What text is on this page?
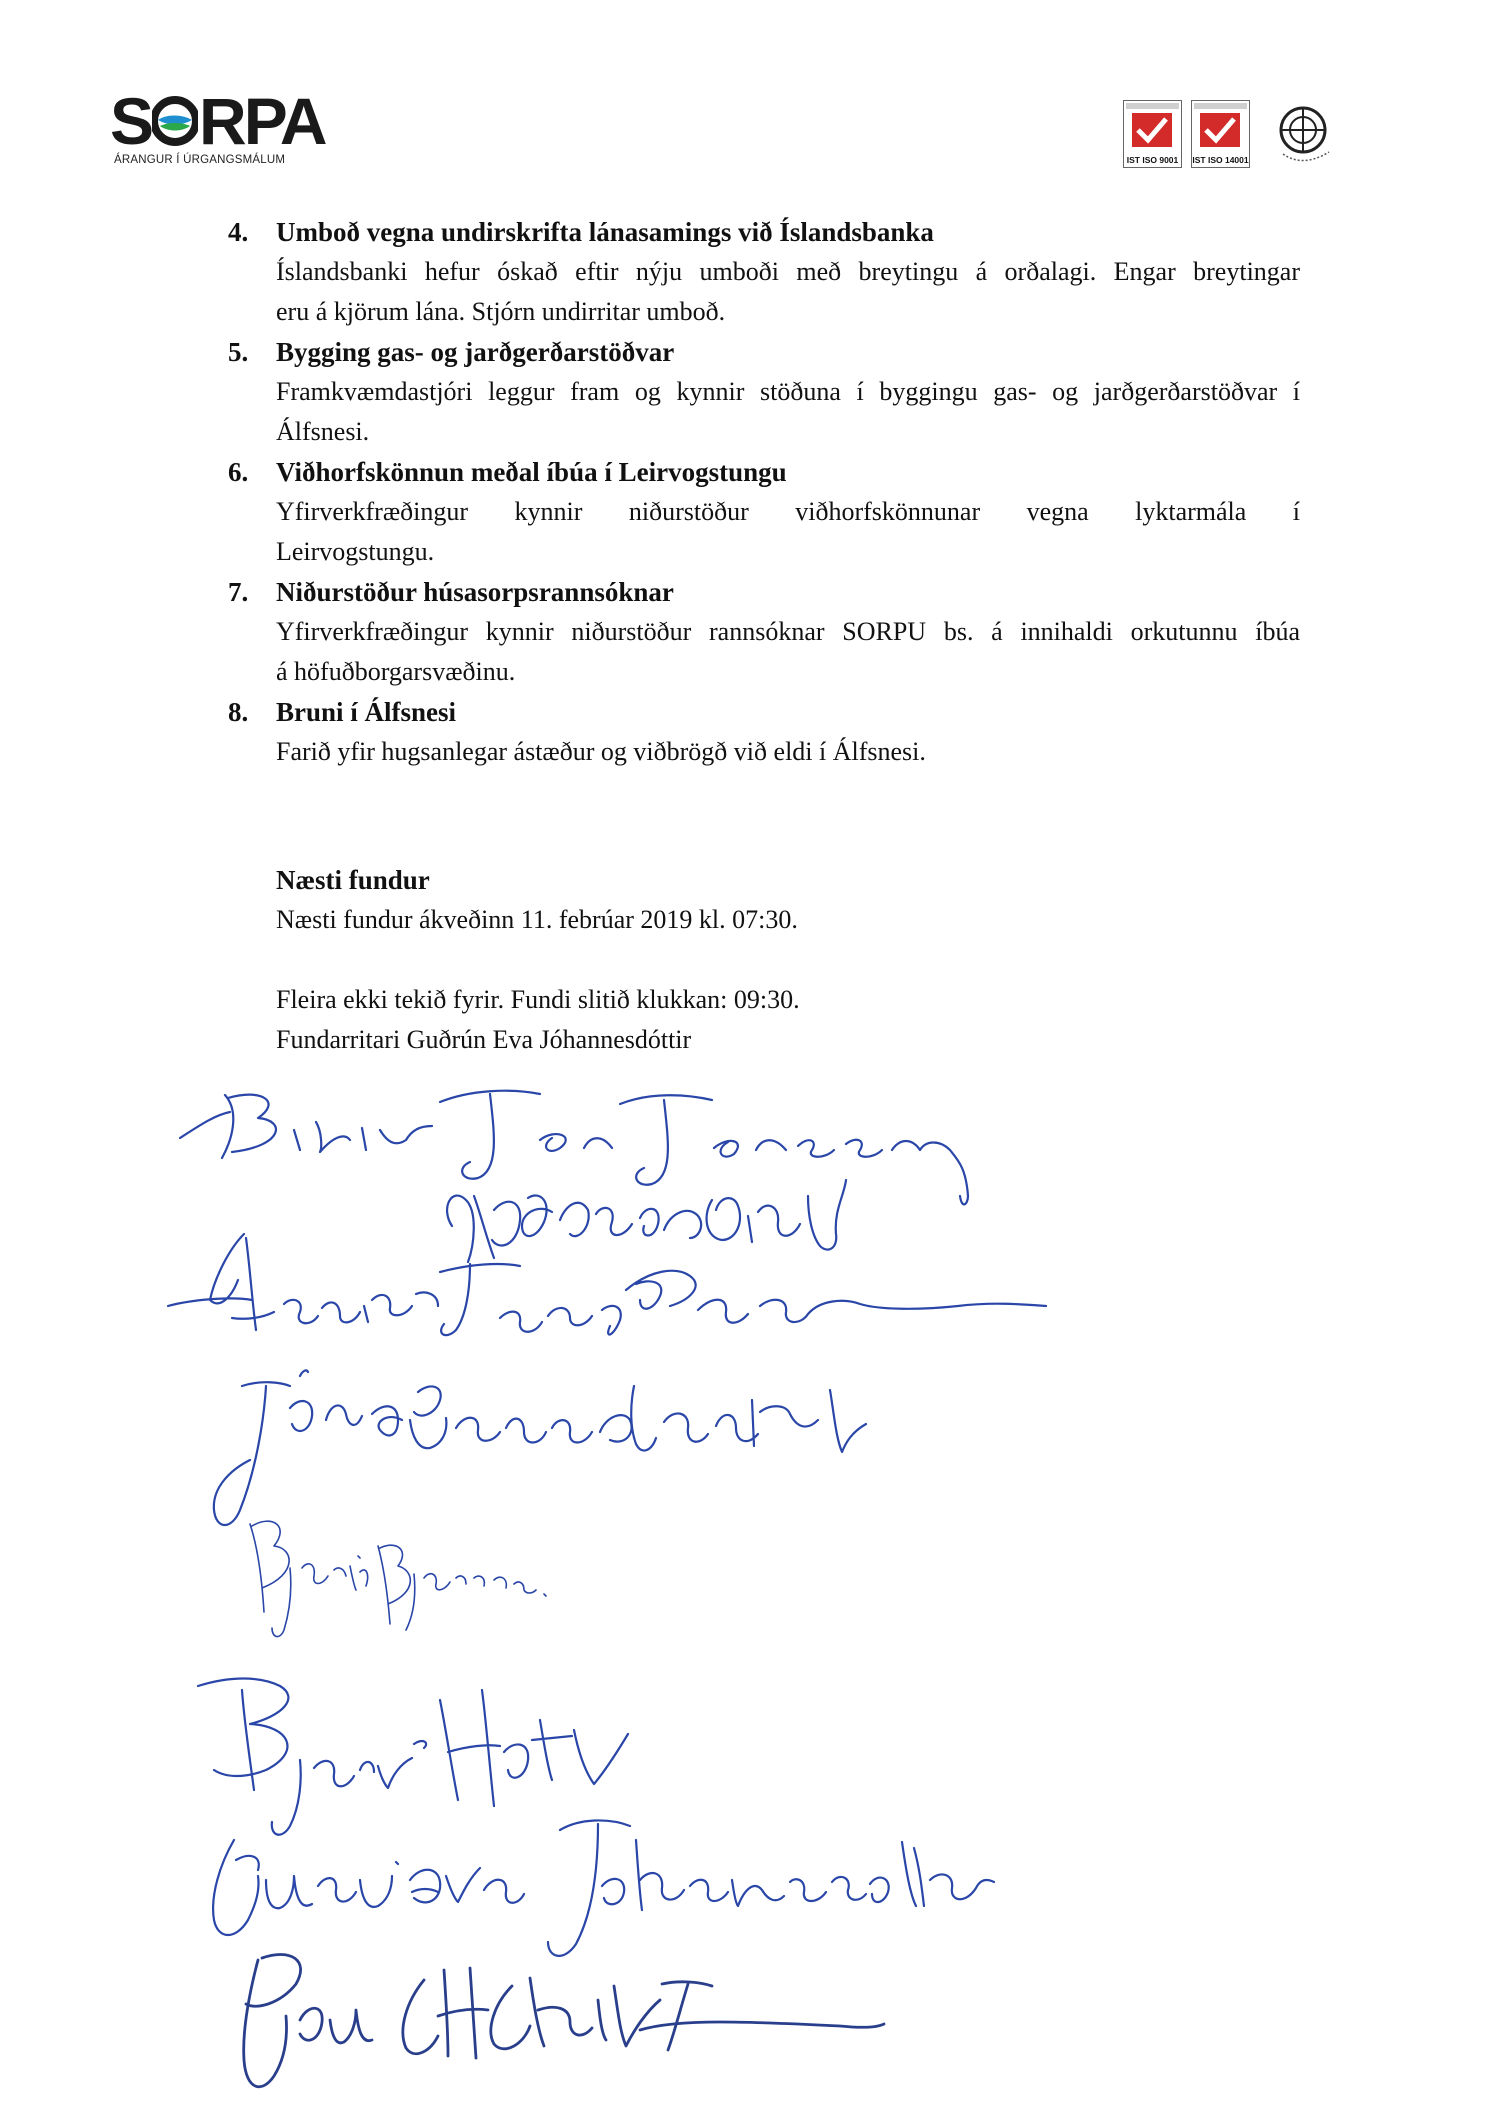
S RPA
ÁRANGUR Í ÚRGANGSMÁLUM	IST ISO 9001	IST ISO 14001
4. Umboð vegna undirskrifta lánasamings við Íslandsbanka
Íslandsbanki hefur óskað eftir nýju umboði með breytingu á orðalagi. Engar breytingar
eru á kjörum lána. Stjórn undirritar umboð.
5. Bygging gas- og jarðgerðarstöðvar
Framkvæmdastjóri leggur fram og kynnir stöðuna í byggingu gas- og jarðgerðarstöðvar í
Álfsnesi.
6. Viðhorfskönnun meðal íbúa í Leirvogstungu
Yfirverkfræðingur kynnir niðurstöður viðhorfskönnunar vegna lyktarmála í
Leirvogstungu.
7. Niðurstöður húsasorpsrannsóknar
Yfirverkfræðingur kynnir niðurstöður rannsóknar SORPU bs. á innihaldi orkutunnu íbúa
á höfuðborgarsvæðinu.
8. Bruni í Álfsnesi
Farið yfir hugsanlegar ástæður og viðbrögð við eldi í Álfsnesi.
Næsti fundur
Næsti fundur ákveðinn 11. febrúar 2019 kl. 07:30.
Fleira ekki tekið fyrir. Fundi slitið klukkan: 09:30.
Fundarritari Guðrún Eva Jóhannesdóttir
